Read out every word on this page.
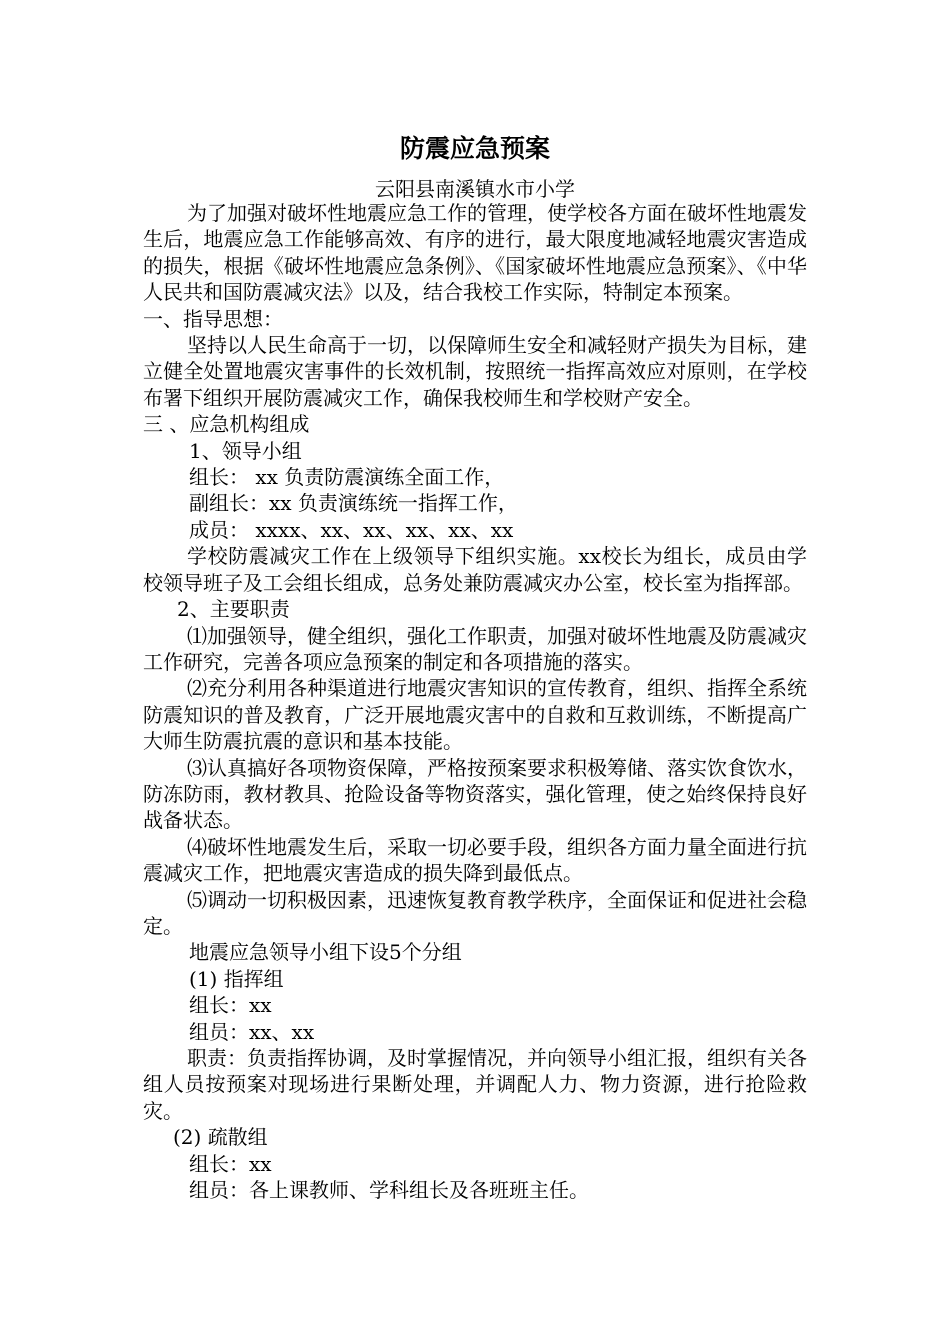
防震应急预案
云阳县南溪镇水市小学

为了加强对破坏性地震应急工作的管理，使学校各方面在破坏性地震发生后，地震应急工作能够高效、有序的进行，最大限度地减轻地震灾害造成的损失，根据《破坏性地震应急条例》、《国家破坏性地震应急预案》、《中华人民共和国防震减灾法》以及，结合我校工作实际，特制定本预案。

一、指导思想：

坚持以人民生命高于一切，以保障师生安全和减轻财产损失为目标，建立健全处置地震灾害事件的长效机制，按照统一指挥高效应对原则，在学校布署下组织开展防震减灾工作，确保我校师生和学校财产安全。

三 、应急机构组成

1、领导小组

组长： xx 负责防震演练全面工作，

副组长：xx 负责演练统一指挥工作，

成员： xxxx、xx、xx、xx、xx、xx

学校防震减灾工作在上级领导下组织实施。xx校长为组长，成员由学校领导班子及工会组长组成，总务处兼防震减灾办公室，校长室为指挥部。

2、主要职责

⑴加强领导，健全组织，强化工作职责，加强对破坏性地震及防震减灾工作研究，完善各项应急预案的制定和各项措施的落实。

⑵充分利用各种渠道进行地震灾害知识的宣传教育，组织、指挥全系统防震知识的普及教育，广泛开展地震灾害中的自救和互救训练，不断提高广大师生防震抗震的意识和基本技能。

⑶认真搞好各项物资保障，严格按预案要求积极筹储、落实饮食饮水，防冻防雨，教材教具、抢险设备等物资落实，强化管理，使之始终保持良好战备状态。

⑷破坏性地震发生后，采取一切必要手段，组织各方面力量全面进行抗震减灾工作，把地震灾害造成的损失降到最低点。

⑸调动一切积极因素，迅速恢复教育教学秩序，全面保证和促进社会稳定。

地震应急领导小组下设5个分组

(1) 指挥组

组长：xx

组员：xx、xx

职责：负责指挥协调，及时掌握情况，并向领导小组汇报，组织有关各组人员按预案对现场进行果断处理，并调配人力、物力资源，进行抢险救灾。

(2) 疏散组

组长：xx

组员：各上课教师、学科组长及各班班主任。
